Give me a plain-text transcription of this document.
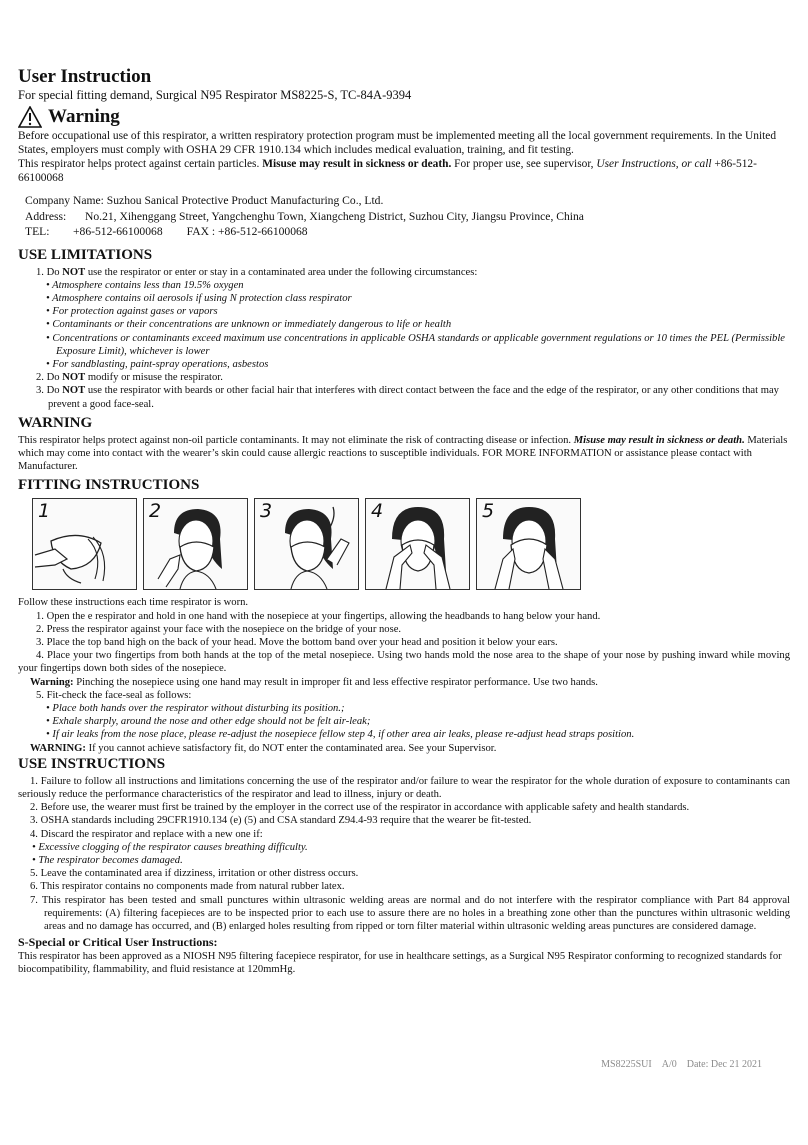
User Instruction
For special fitting demand, Surgical N95 Respirator MS8225-S, TC-84A-9394
Warning

Before occupational use of this respirator, a written respiratory protection program must be implemented meeting all the local government requirements. In the United States, employers must comply with OSHA 29 CFR 1910.134 which includes medical evaluation, training, and fit testing.

This respirator helps protect against certain particles. Misuse may result in sickness or death. For proper use, see supervisor, User Instructions, or call +86-512-66100068

Company Name: Suzhou Sanical Protective Product Manufacturing Co., Ltd.
Address: No.21, Xihenggang Street, Yangchenghu Town, Xiangcheng District, Suzhou City, Jiangsu Province, China
TEL: +86-512-66100068 FAX : +86-512-66100068
USE LIMITATIONS

1. Do NOT use the respirator or enter or stay in a contaminated area under the following circumstances:

• Atmosphere contains less than 19.5% oxygen

• Atmosphere contains oil aerosols if using N protection class respirator

• For protection against gases or vapors

• Contaminants or their concentrations are unknown or immediately dangerous to life or health

• Concentrations or contaminants exceed maximum use concentrations in applicable OSHA standards or applicable government regulations or 10 times the PEL (Permissible Exposure Limit), whichever is lower

• For sandblasting, paint-spray operations, asbestos

2. Do NOT modify or misuse the respirator.

3. Do NOT use the respirator with beards or other facial hair that interferes with direct contact between the face and the edge of the respirator, or any other conditions that may prevent a good face-seal.

WARNING

This respirator helps protect against non-oil particle contaminants. It may not eliminate the risk of contracting disease or infection. Misuse may result in sickness or death. Materials which may come into contact with the wearer’s skin could cause allergic reactions to susceptible individuals. FOR MORE INFORMATION or assistance please contact with Manufacturer.

FITTING INSTRUCTIONS
1	2	3	4	5

Follow these instructions each time respirator is worn.

1. Open the e respirator and hold in one hand with the nosepiece at your fingertips, allowing the headbands to hang below your hand.

2. Press the respirator against your face with the nosepiece on the bridge of your nose.

3. Place the top band high on the back of your head. Move the bottom band over your head and position it below your ears.

4. Place your two fingertips from both hands at the top of the metal nosepiece. Using two hands mold the nose area to the shape of your nose by pushing inward while moving your fingertips down both sides of the nosepiece.

Warning: Pinching the nosepiece using one hand may result in improper fit and less effective respirator performance. Use two hands.

5. Fit-check the face-seal as follows:

• Place both hands over the respirator without disturbing its position.;

• Exhale sharply, around the nose and other edge should not be felt air-leak;

• If air leaks from the nose place, please re-adjust the nosepiece fellow step 4, if other area air leaks, please re-adjust head straps position.

WARNING: If you cannot achieve satisfactory fit, do NOT enter the contaminated area. See your Supervisor.

USE INSTRUCTIONS

1. Failure to follow all instructions and limitations concerning the use of the respirator and/or failure to wear the respirator for the whole duration of exposure to contaminants can seriously reduce the performance characteristics of the respirator and lead to illness, injury or death.

2. Before use, the wearer must first be trained by the employer in the correct use of the respirator in accordance with applicable safety and health standards.

3. OSHA standards including 29CFR1910.134 (e) (5) and CSA standard Z94.4-93 require that the wearer be fit-tested.

4. Discard the respirator and replace with a new one if:

• Excessive clogging of the respirator causes breathing difficulty.

• The respirator becomes damaged.

5. Leave the contaminated area if dizziness, irritation or other distress occurs.

6. This respirator contains no components made from natural rubber latex.

7. This respirator has been tested and small punctures within ultrasonic welding areas are normal and do not interfere with the respirator compliance with Part 84 approval requirements: (A) filtering facepieces are to be inspected prior to each use to assure there are no holes in a breathing zone other than the punctures within ultrasonic welding areas and no damage has occurred, and (B) enlarged holes resulting from ripped or torn filter material within ultrasonic welding areas punctures are considered damage.

S-Special or Critical User Instructions:

This respirator has been approved as a NIOSH N95 filtering facepiece respirator, for use in healthcare settings, as a Surgical N95 Respirator conforming to recognized standards for biocompatibility, flammability, and fluid resistance at 120mmHg.

MS8225SUI A/0 Date: Dec 21 2021
